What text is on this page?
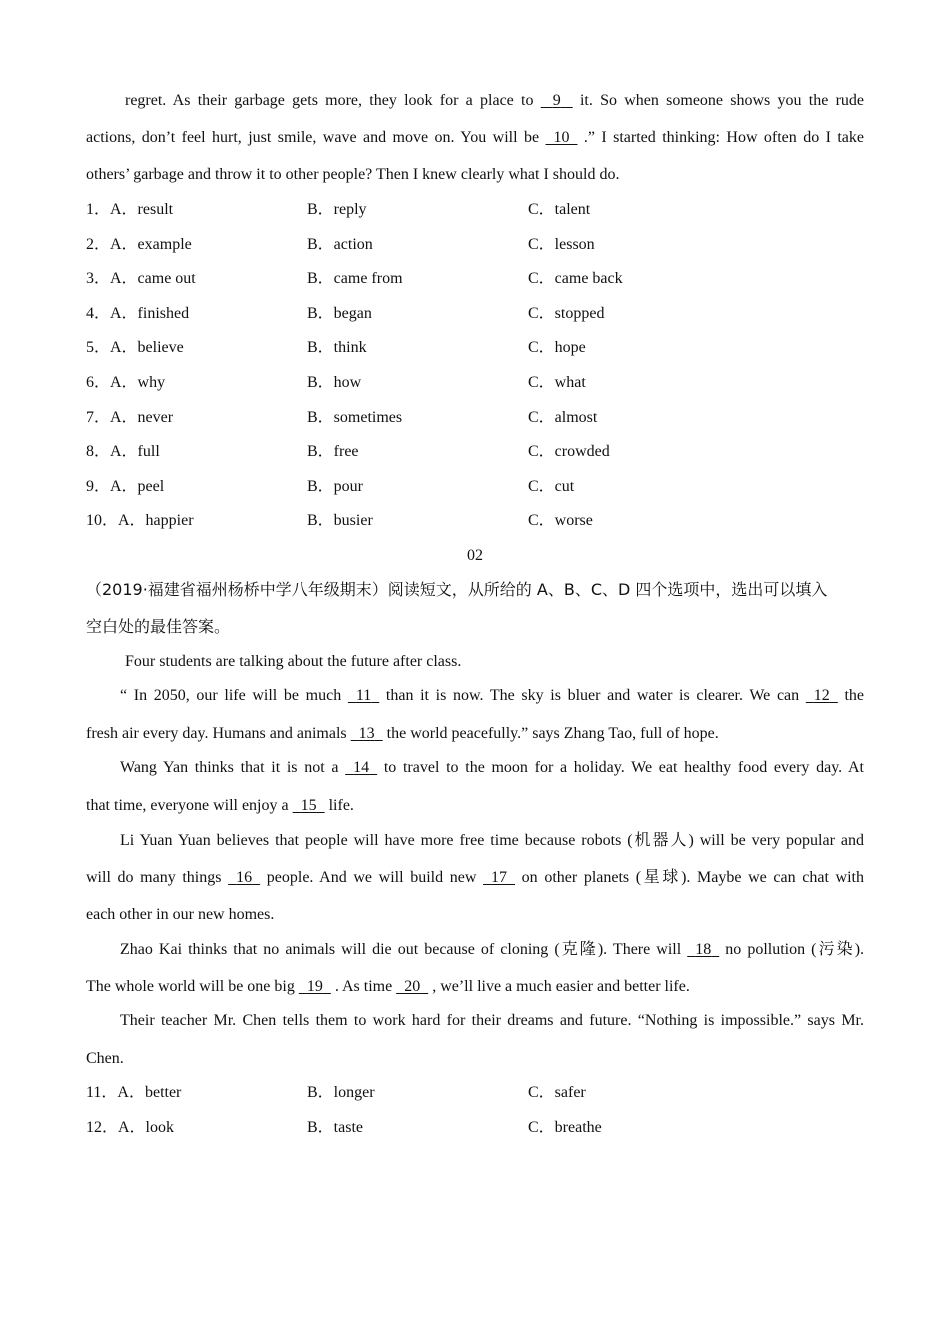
regret. As their garbage gets more, they look for a place to    9    it. So when someone shows you the rude
actions, don’t feel hurt, just smile, wave and move on. You will be   10   .” I started thinking: How often do I take
others’ garbage and throw it to other people? Then I knew clearly what I should do.
1．A．result	B．reply	C．talent
2．A．example	B．action	C．lesson
3．A．came out	B．came from	C．came back
4．A．finished	B．began	C．stopped
5．A．believe	B．think	C．hope
6．A．why	B．how	C．what
7．A．never	B．sometimes	C．almost
8．A．full	B．free	C．crowded
9．A．peel	B．pour	C．cut
10．A．happier	B．busier	C．worse
02
（2019·福建省福州杨桥中学八年级期末）阅读短文，从所给的 A、B、C、D 四个选项中，选出可以填入
空白处的最佳答案。
Four students are talking about the future after class.
“ In 2050, our life will be much   11   than it is now. The sky is bluer and water is clearer. We can   12   the
fresh air every day. Humans and animals   13   the world peacefully.” says Zhang Tao, full of hope.
Wang Yan thinks that it is not a   14   to travel to the moon for a holiday. We eat healthy food every day. At
that time, everyone will enjoy a   15   life.
Li Yuan Yuan believes that people will have more free time because robots (机器人) will be very popular and
will do many things   16   people. And we will build new   17   on other planets (星球). Maybe we can chat with
each other in our new homes.
Zhao Kai thinks that no animals will die out because of cloning (克隆). There will   18   no pollution (污染).
The whole world will be one big   19   . As time   20   , we’ll live a much easier and better life.
Their teacher Mr. Chen tells them to work hard for their dreams and future. “Nothing is impossible.” says Mr.
Chen.
11．A．better	B．longer	C．safer
12．A．look	B．taste	C．breathe
